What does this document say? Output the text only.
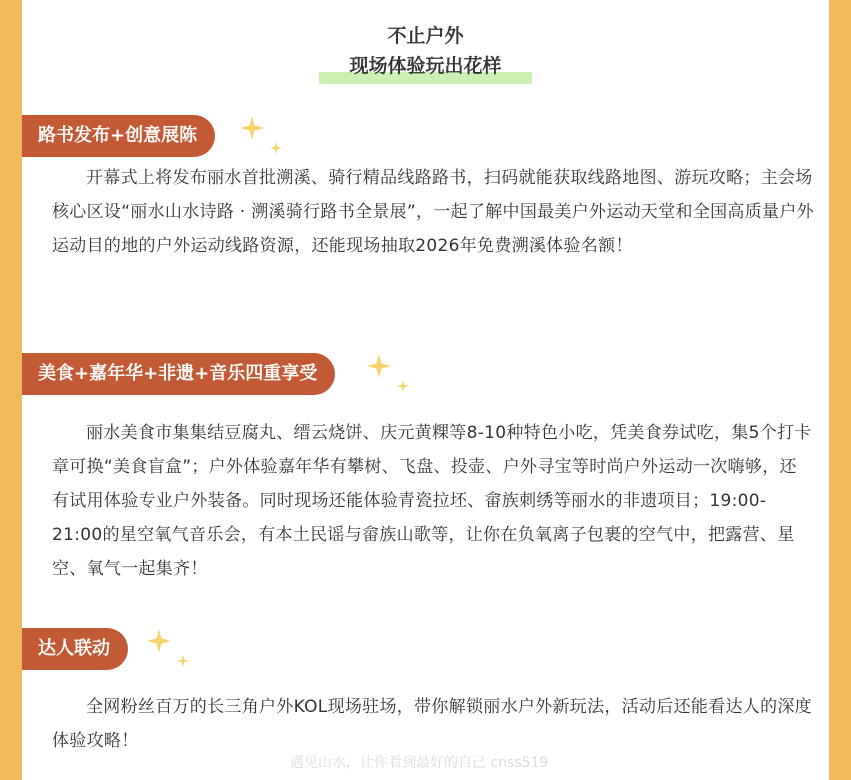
不止户外
现场体验玩出花样
路书发布+创意展陈

开幕式上将发布丽水首批溯溪、骑行精品线路路书，扫码就能获取线路地图、游玩攻略；主会场核心区设“丽水山水诗路 · 溯溪骑行路书全景展”，一起了解中国最美户外运动天堂和全国高质量户外运动目的地的户外运动线路资源，还能现场抽取2026年免费溯溪体验名额！

美食+嘉年华+非遗+音乐四重享受

丽水美食市集集结豆腐丸、缙云烧饼、庆元黄粿等8-10种特色小吃，凭美食券试吃，集5个打卡章可换“美食盲盒”；户外体验嘉年华有攀树、飞盘、投壶、户外寻宝等时尚户外运动一次嗨够，还有试用体验专业户外装备。同时现场还能体验青瓷拉坯、畲族刺绣等丽水的非遗项目；19:00-21:00的星空氧气音乐会，有本土民谣与畲族山歌等，让你在负氧离子包裹的空气中，把露营、星空、氧气一起集齐！

达人联动

全网粉丝百万的长三角户外KOL现场驻场，带你解锁丽水户外新玩法，活动后还能看达人的深度体验攻略！

遇见山水，让你看到最好的自己 cnss519
